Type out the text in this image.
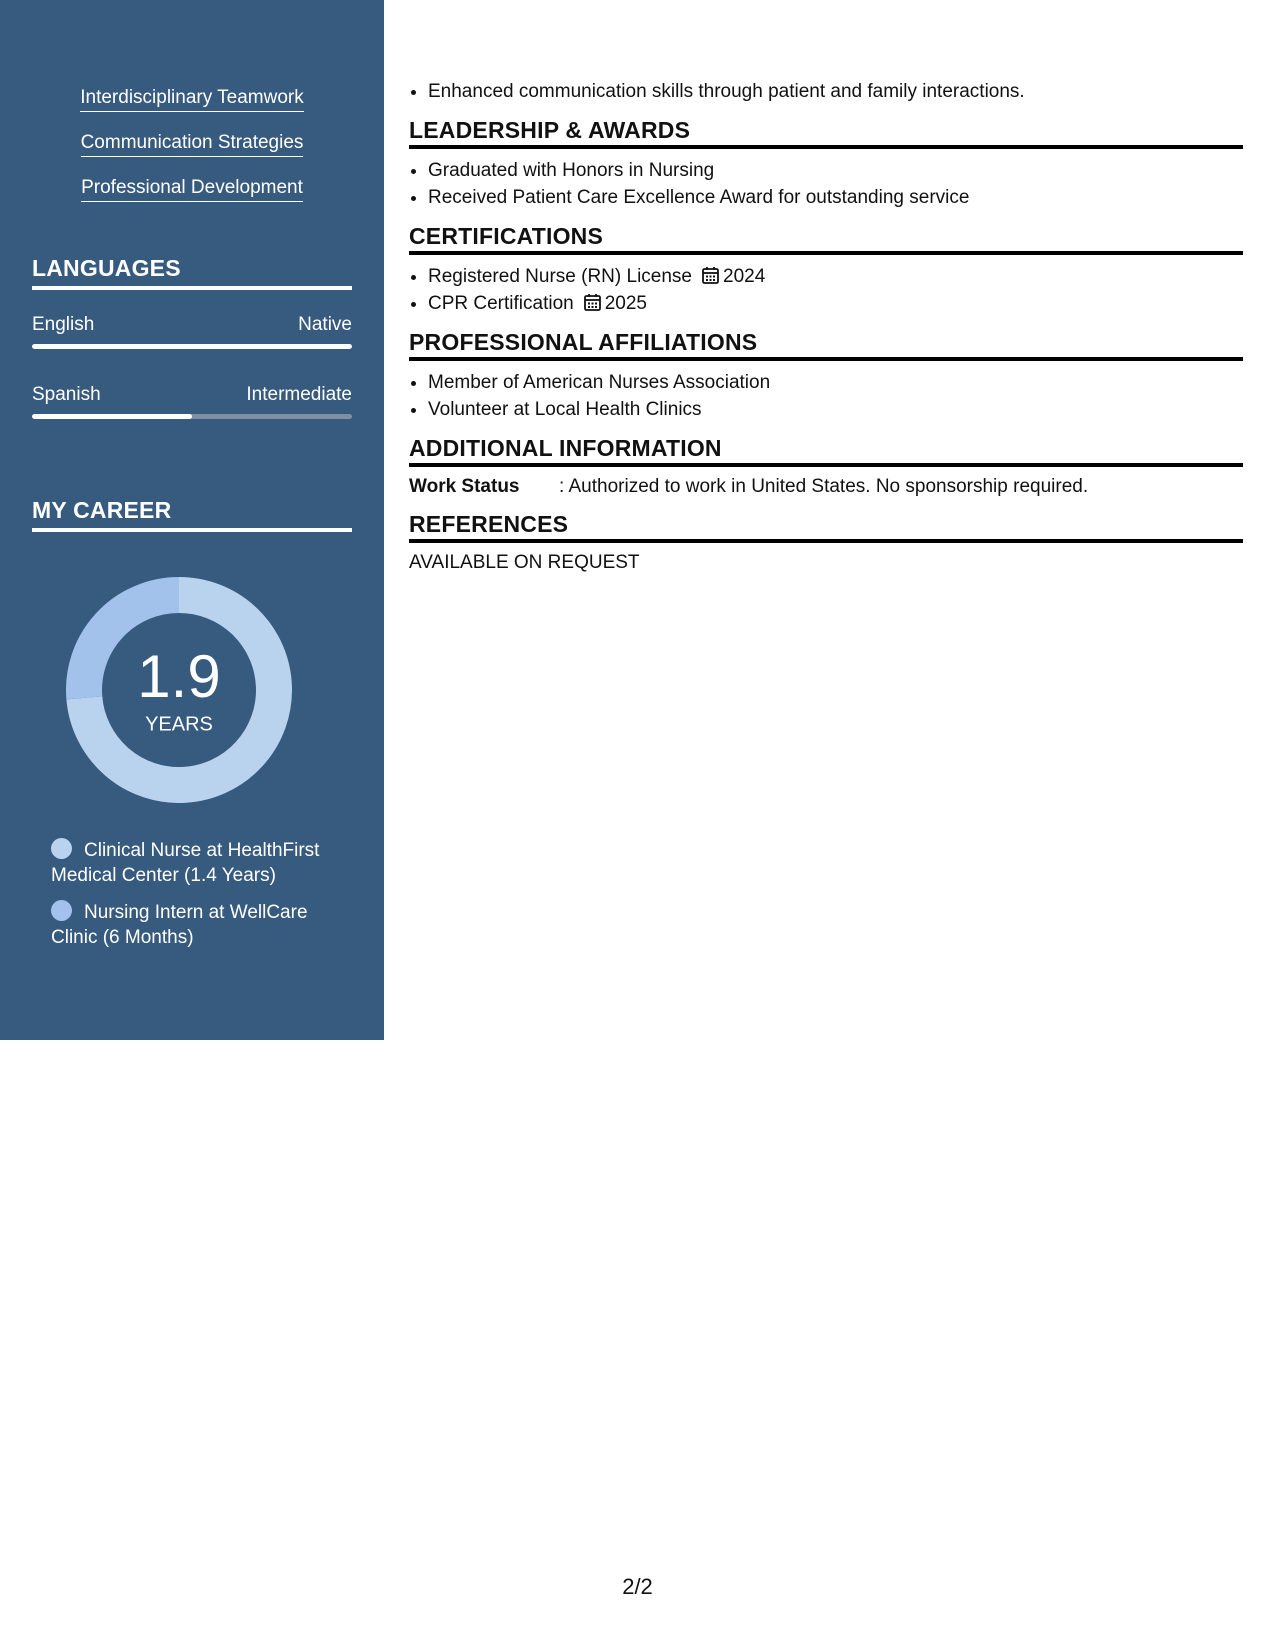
Interdisciplinary Teamwork
Communication Strategies
Professional Development
LANGUAGES
English	Native
Spanish	Intermediate
MY CAREER
1.9
YEARS
Clinical Nurse at HealthFirst Medical Center (1.4 Years)
Nursing Intern at WellCare Clinic (6 Months)
• Enhanced communication skills through patient and family interactions.
LEADERSHIP & AWARDS
• Graduated with Honors in Nursing
• Received Patient Care Excellence Award for outstanding service
CERTIFICATIONS
• Registered Nurse (RN) License 2024
• CPR Certification 2025
PROFESSIONAL AFFILIATIONS
• Member of American Nurses Association
• Volunteer at Local Health Clinics
ADDITIONAL INFORMATION
Work Status	: Authorized to work in United States. No sponsorship required.
REFERENCES
AVAILABLE ON REQUEST
2/2
